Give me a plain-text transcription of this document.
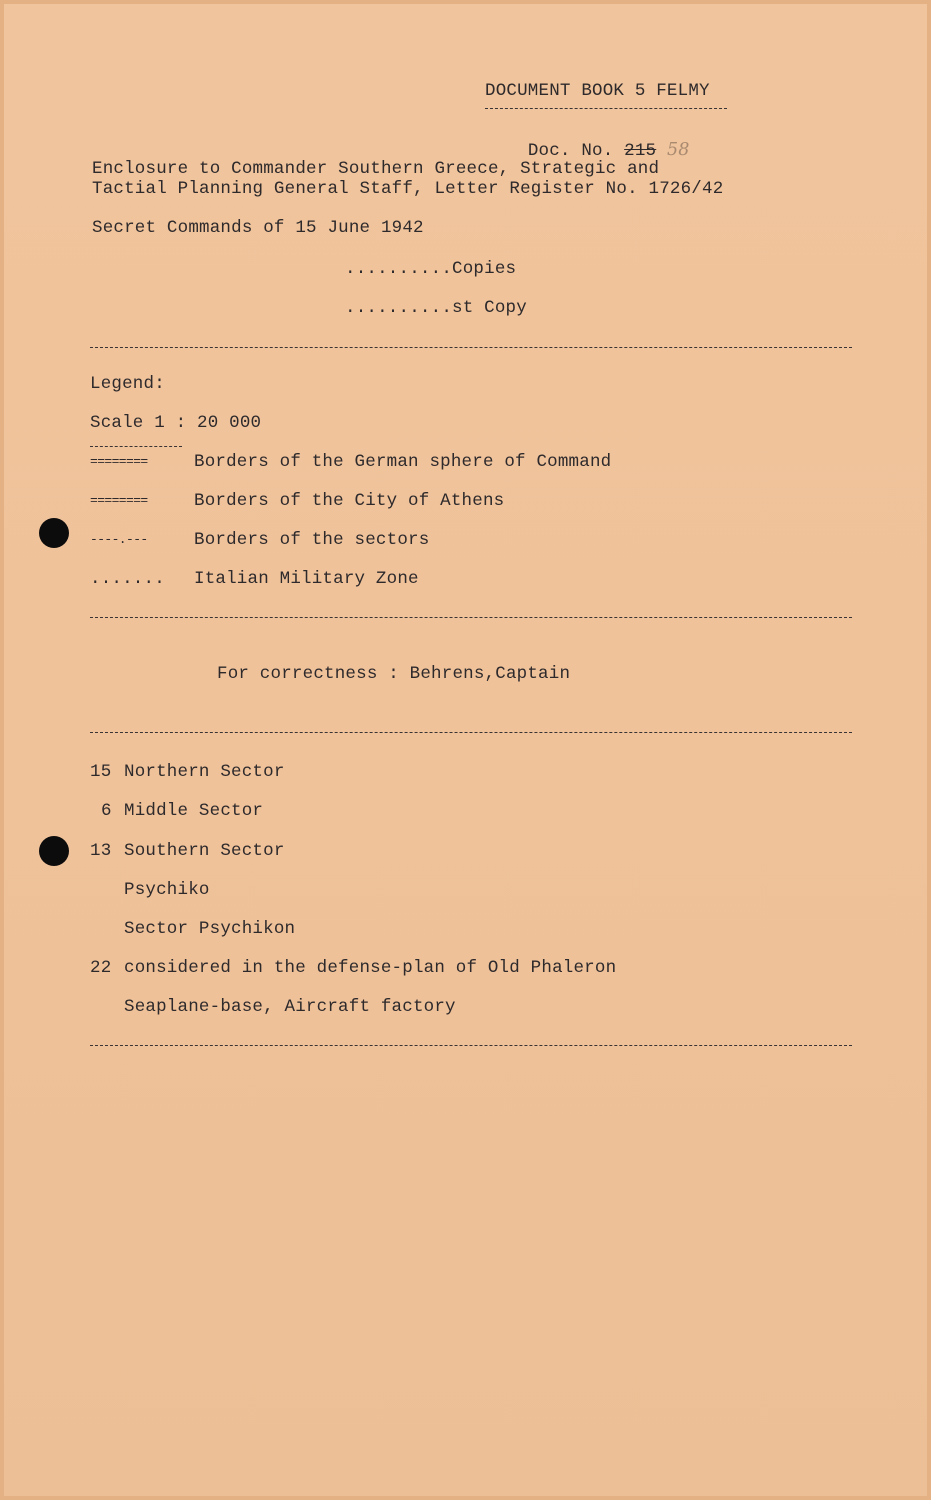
DOCUMENT BOOK 5 FELMY

Doc. No. 215 58

Enclosure to Commander Southern Greece, Strategic and
Tactial Planning General Staff, Letter Register No. 1726/42
Secret Commands of 15 June 1942
..........Copies
..........st Copy
Legend:
Scale 1 : 20 000
========	Borders of the German sphere of Command
========	Borders of the City of Athens
----.---	Borders of the sectors
....... Italian Military Zone
For correctness : Behrens,Captain
15 Northern Sector
6 Middle Sector
13 Southern Sector
Psychiko
Sector Psychikon
22 considered in the defense-plan of Old Phaleron
Seaplane-base, Aircraft factory
